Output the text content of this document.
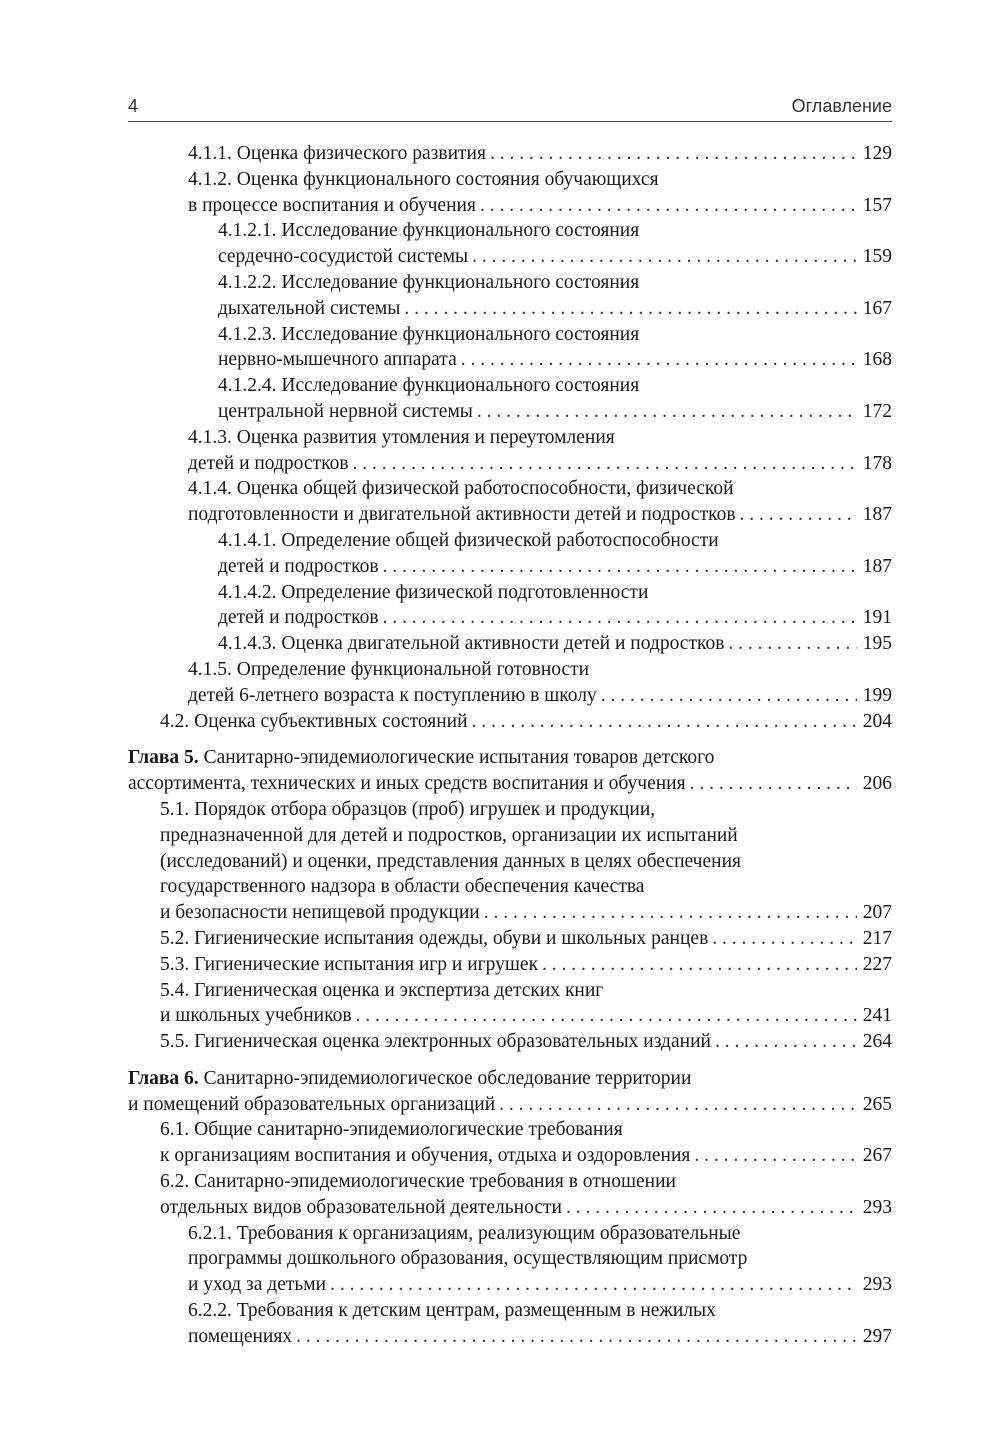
4	Оглавление
4.1.1. Оценка физического развития . . .	129
4.1.2. Оценка функционального состояния обучающихся
в процессе воспитания и обучения . . .	157
4.1.2.1. Исследование функционального состояния
сердечно-сосудистой системы . . .	159
4.1.2.2. Исследование функционального состояния
дыхательной системы . . .	167
4.1.2.3. Исследование функционального состояния
нервно-мышечного аппарата . . .	168
4.1.2.4. Исследование функционального состояния
центральной нервной системы . . .	172
4.1.3. Оценка развития утомления и переутомления
детей и подростков . . .	178
4.1.4. Оценка общей физической работоспособности, физической
подготовленности и двигательной активности детей и подростков . . .	187
4.1.4.1. Определение общей физической работоспособности
детей и подростков . . .	187
4.1.4.2. Определение физической подготовленности
детей и подростков . . .	191
4.1.4.3. Оценка двигательной активности детей и подростков . . .	195
4.1.5. Определение функциональной готовности
детей 6-летнего возраста к поступлению в школу . . .	199
4.2. Оценка субъективных состояний . . .	204
Глава 5. Санитарно-эпидемиологические испытания товаров детского
ассортимента, технических и иных средств воспитания и обучения . . .	206
5.1. Порядок отбора образцов (проб) игрушек и продукции,
предназначенной для детей и подростков, организации их испытаний
(исследований) и оценки, представления данных в целях обеспечения
государственного надзора в области обеспечения качества
и безопасности непищевой продукции . . .	207
5.2. Гигиенические испытания одежды, обуви и школьных ранцев . . .	217
5.3. Гигиенические испытания игр и игрушек . . .	227
5.4. Гигиеническая оценка и экспертиза детских книг
и школьных учебников . . .	241
5.5. Гигиеническая оценка электронных образовательных изданий . . .	264
Глава 6. Санитарно-эпидемиологическое обследование территории
и помещений образовательных организаций . . .	265
6.1. Общие санитарно-эпидемиологические требования
к организациям воспитания и обучения, отдыха и оздоровления . . .	267
6.2. Санитарно-эпидемиологические требования в отношении
отдельных видов образовательной деятельности . . .	293
6.2.1. Требования к организациям, реализующим образовательные
программы дошкольного образования, осуществляющим присмотр
и уход за детьми . . .	293
6.2.2. Требования к детским центрам, размещенным в нежилых
помещениях . . .	297
